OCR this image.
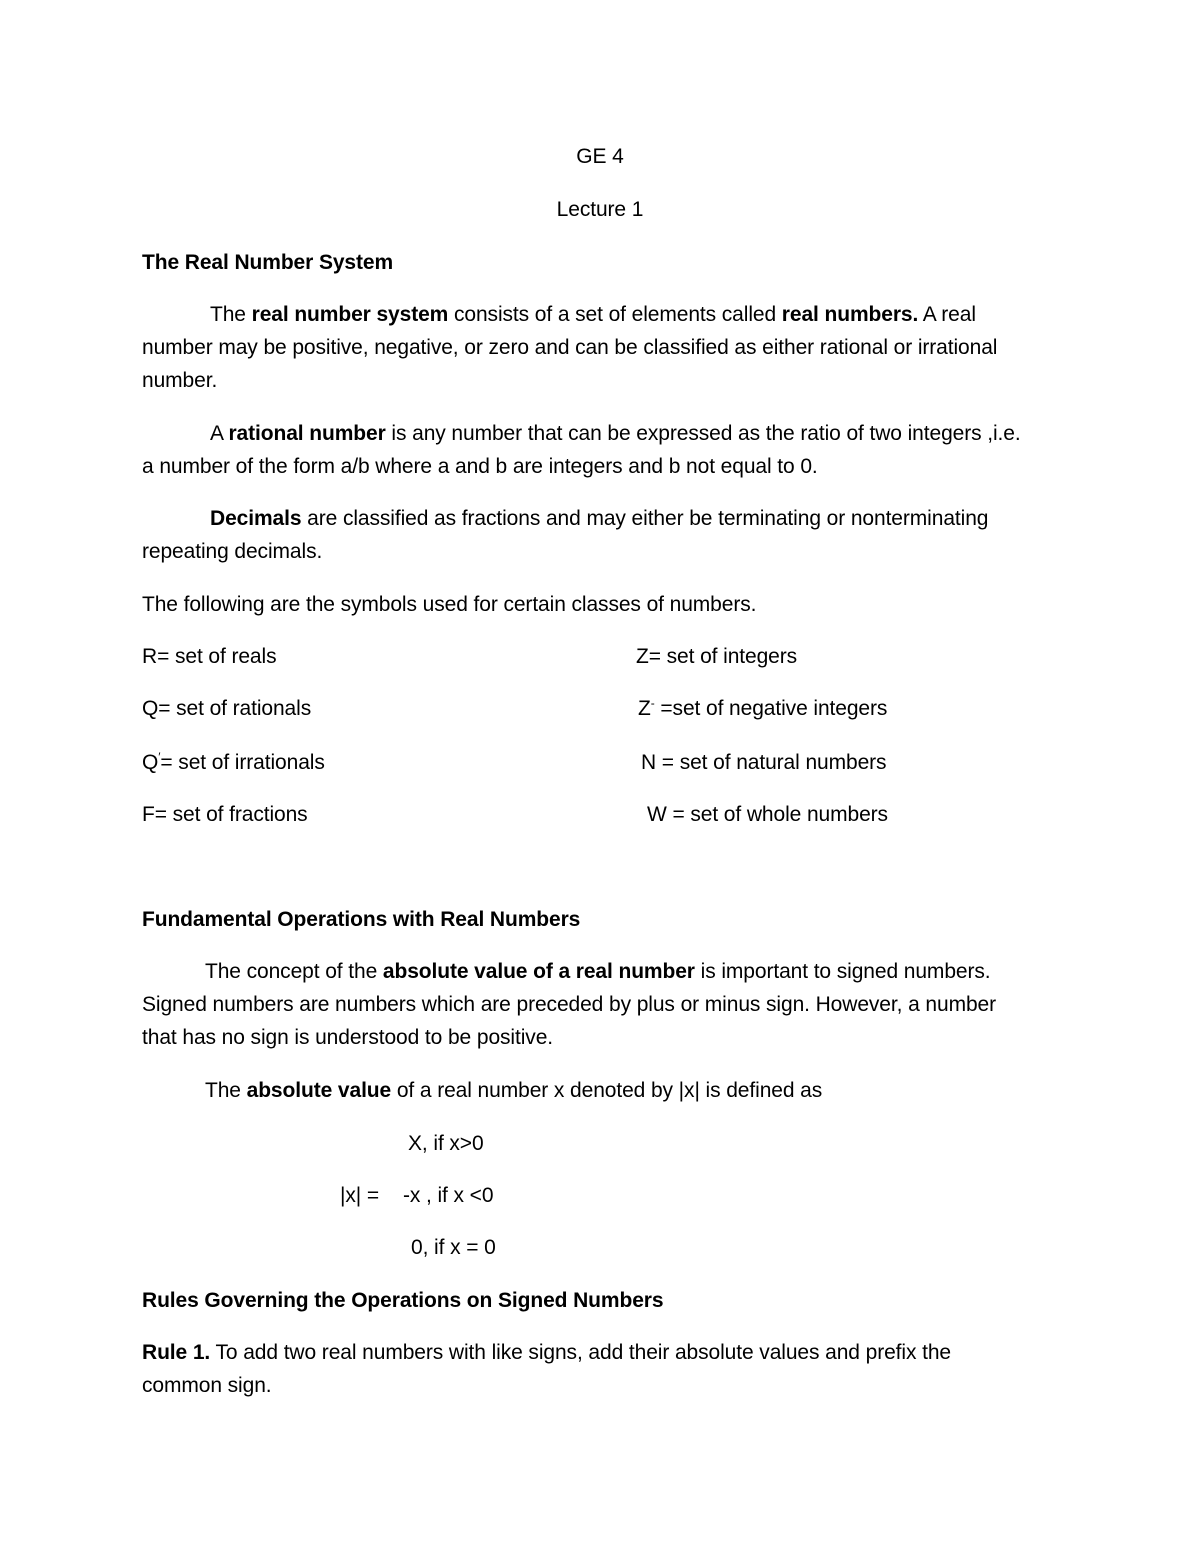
GE 4
Lecture 1
The Real Number System
The real number system consists of a set of elements called real numbers. A real
number may be positive, negative, or zero and can be classified as either rational or irrational
number.
A rational number is any number that can be expressed as the ratio of two integers ,i.e.
a number of the form a/b where a and b are integers and b not equal to 0.
Decimals are classified as fractions and may either be terminating or nonterminating
repeating decimals.
The following are the symbols used for certain classes of numbers.
R= set of reals
Q= set of rationals
Q′= set of irrationals
F= set of fractions
Z= set of integers
Z- =set of negative integers
N = set of natural numbers
W = set of whole numbers
Fundamental Operations with Real Numbers
The concept of the absolute value of a real number is important to signed numbers.
Signed numbers are numbers which are preceded by plus or minus sign. However, a number
that has no sign is understood to be positive.
The absolute value of a real number x denoted by |x| is defined as
X, if x>0
|x| = -x , if x <0
0, if x = 0
Rules Governing the Operations on Signed Numbers
Rule 1. To add two real numbers with like signs, add their absolute values and prefix the
common sign.
